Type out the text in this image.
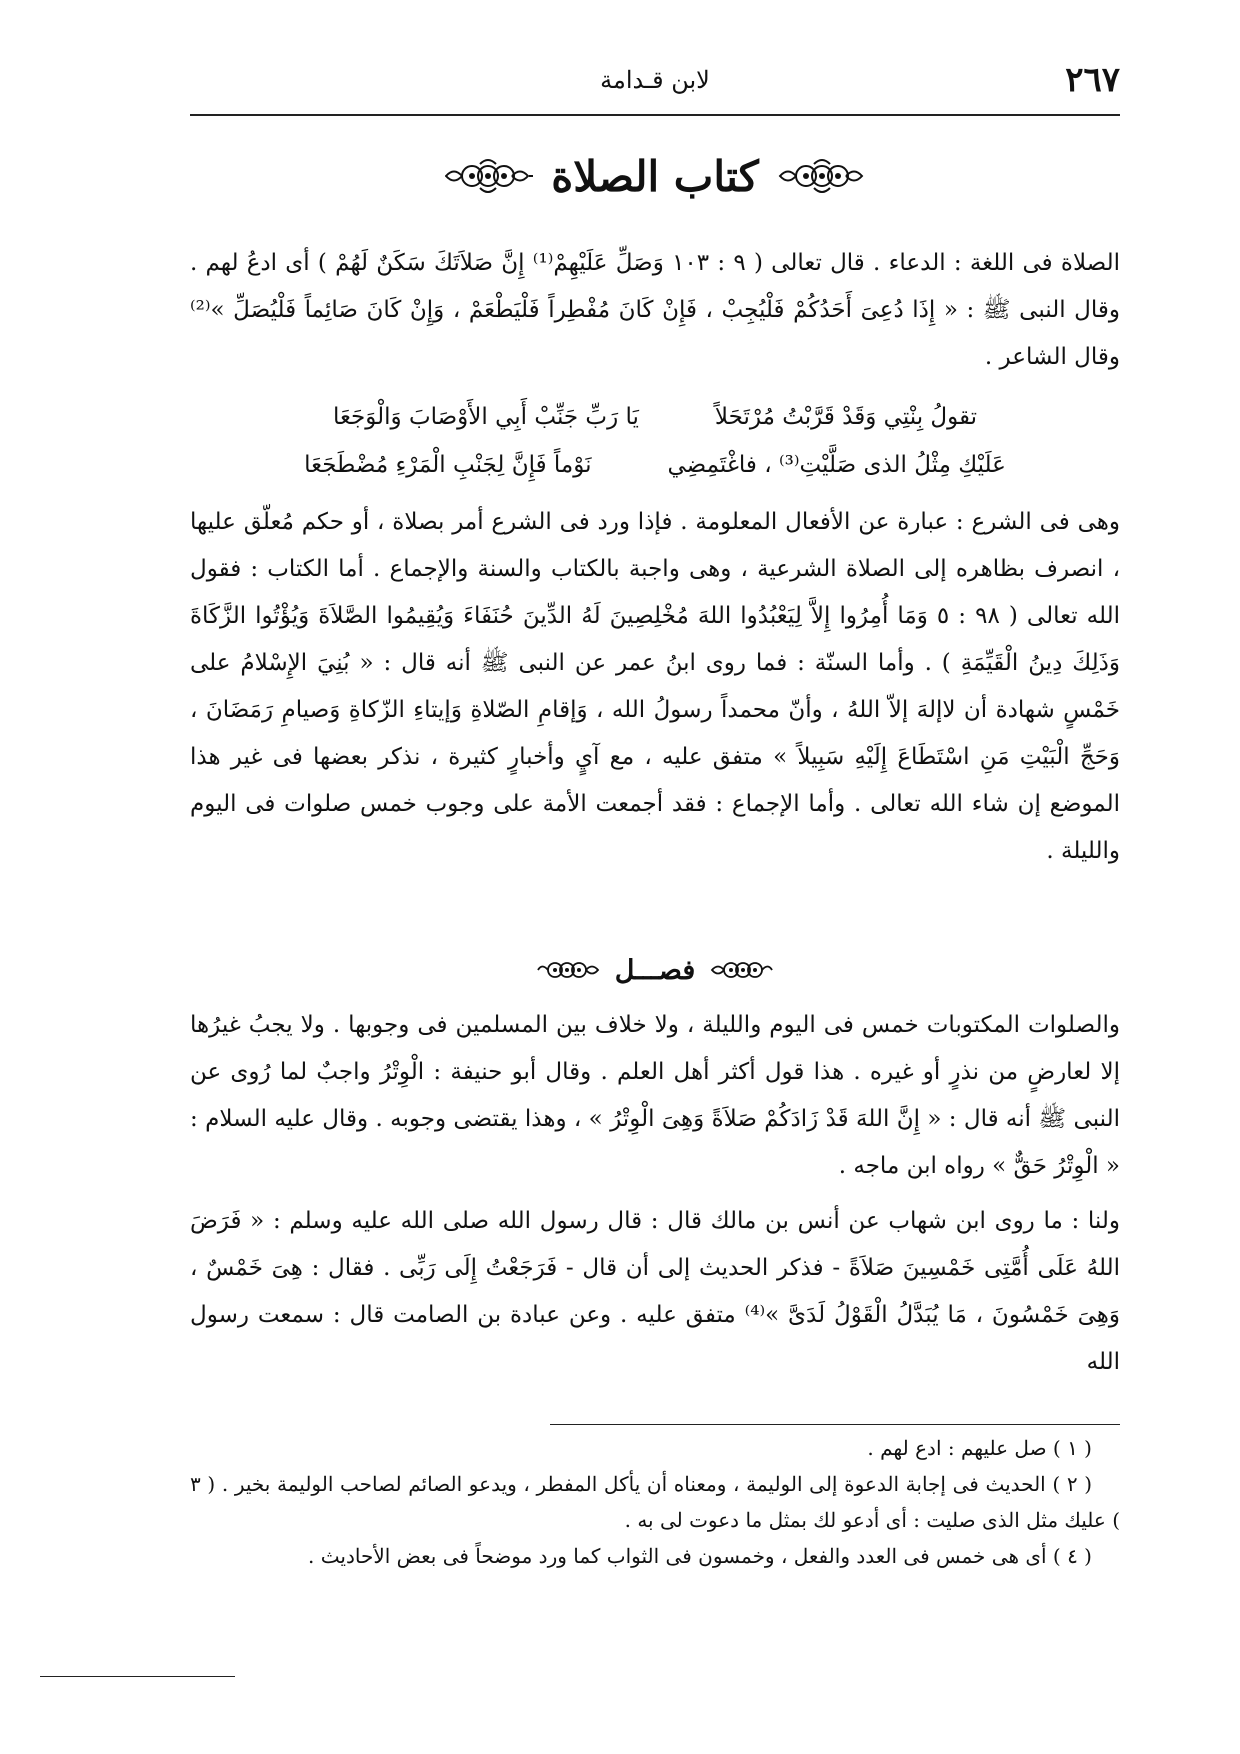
٢٦٧
لابن قـدامة
كتاب الصلاة

الصلاة فى اللغة : الدعاء . قال تعالى ( ٩ : ١٠٣ وَصَلِّ عَلَيْهِمْ⁽¹⁾ إِنَّ صَلاَتَكَ سَكَنٌ لَهُمْ ) أى ادعُ لهم . وقال النبى ﷺ : « إِذَا دُعِىَ أَحَدُكُمْ فَلْيُجِبْ ، فَإِنْ كَانَ مُفْطِراً فَلْيَطْعَمْ ، وَإِنْ كَانَ صَائِماً فَلْيُصَلِّ »⁽²⁾ وقال الشاعر .

تقولُ بِنْتِي وَقَدْ قَرَّبْتُ مُرْتَحَلاً
يَا رَبِّ جَنِّبْ أَبِي الأَوْصَابَ وَالْوَجَعَا
عَلَيْكِ مِثْلُ الذى صَلَّيْتِ⁽³⁾ ، فاغْتَمِضِي
نَوْماً فَإِنَّ لِجَنْبِ الْمَرْءِ مُضْطَجَعَا

وهى فى الشرع : عبارة عن الأفعال المعلومة . فإذا ورد فى الشرع أمر بصلاة ، أو حكم مُعلّق عليها ، انصرف بظاهره إلى الصلاة الشرعية ، وهى واجبة بالكتاب والسنة والإجماع . أما الكتاب : فقول الله تعالى ( ٩٨ : ٥ وَمَا أُمِرُوا إِلاَّ لِيَعْبُدُوا اللهَ مُخْلِصِينَ لَهُ الدِّينَ حُنَفَاءَ وَيُقِيمُوا الصَّلاَةَ وَيُؤْتُوا الزَّكَاةَ وَذَلِكَ دِينُ الْقَيِّمَةِ ) . وأما السنّة : فما روى ابنُ عمر عن النبى ﷺ أنه قال : « بُنِيَ الإِسْلامُ على خَمْسٍ شهادة أن لاإلهَ إلاّ اللهُ ، وأنّ محمداً رسولُ الله ، وَإقامِ الصّلاةِ وَإيتاءِ الزّكاةِ وَصيامِ رَمَضَانَ ، وَحَجِّ الْبَيْتِ مَنِ اسْتَطَاعَ إِلَيْهِ سَبِيلاً » متفق عليه ، مع آيٍ وأخبارٍ كثيرة ، نذكر بعضها فى غير هذا الموضع إن شاء الله تعالى . وأما الإجماع : فقد أجمعت الأمة على وجوب خمس صلوات فى اليوم والليلة .

فصـــل

والصلوات المكتوبات خمس فى اليوم والليلة ، ولا خلاف بين المسلمين فى وجوبها . ولا يجبُ غيرُها إلا لعارضٍ من نذرٍ أو غيره . هذا قول أكثر أهل العلم . وقال أبو حنيفة : الْوِتْرُ واجبٌ لما رُوى عن النبى ﷺ أنه قال : « إِنَّ اللهَ قَدْ زَادَكُمْ صَلاَةً وَهِىَ الْوِتْرُ » ، وهذا يقتضى وجوبه . وقال عليه السلام : « الْوِتْرُ حَقٌّ » رواه ابن ماجه .

ولنا : ما روى ابن شهاب عن أنس بن مالك قال : قال رسول الله صلى الله عليه وسلم : « فَرَضَ اللهُ عَلَى أُمَّتِى خَمْسِينَ صَلاَةً - فذكر الحديث إلى أن قال - فَرَجَعْتُ إِلَى رَبِّى . فقال : هِىَ خَمْسٌ ، وَهِىَ خَمْسُونَ ، مَا يُبَدَّلُ الْقَوْلُ لَدَىَّ »⁽⁴⁾ متفق عليه . وعن عبادة بن الصامت قال : سمعت رسول الله

( ١ ) صل عليهم : ادع لهم .

( ٢ ) الحديث فى إجابة الدعوة إلى الوليمة ، ومعناه أن يأكل المفطر ، ويدعو الصائم لصاحب الوليمة بخير . ( ٣ ) عليك مثل الذى صليت : أى أدعو لك بمثل ما دعوت لى به .

( ٤ ) أى هى خمس فى العدد والفعل ، وخمسون فى الثواب كما ورد موضحاً فى بعض الأحاديث .
